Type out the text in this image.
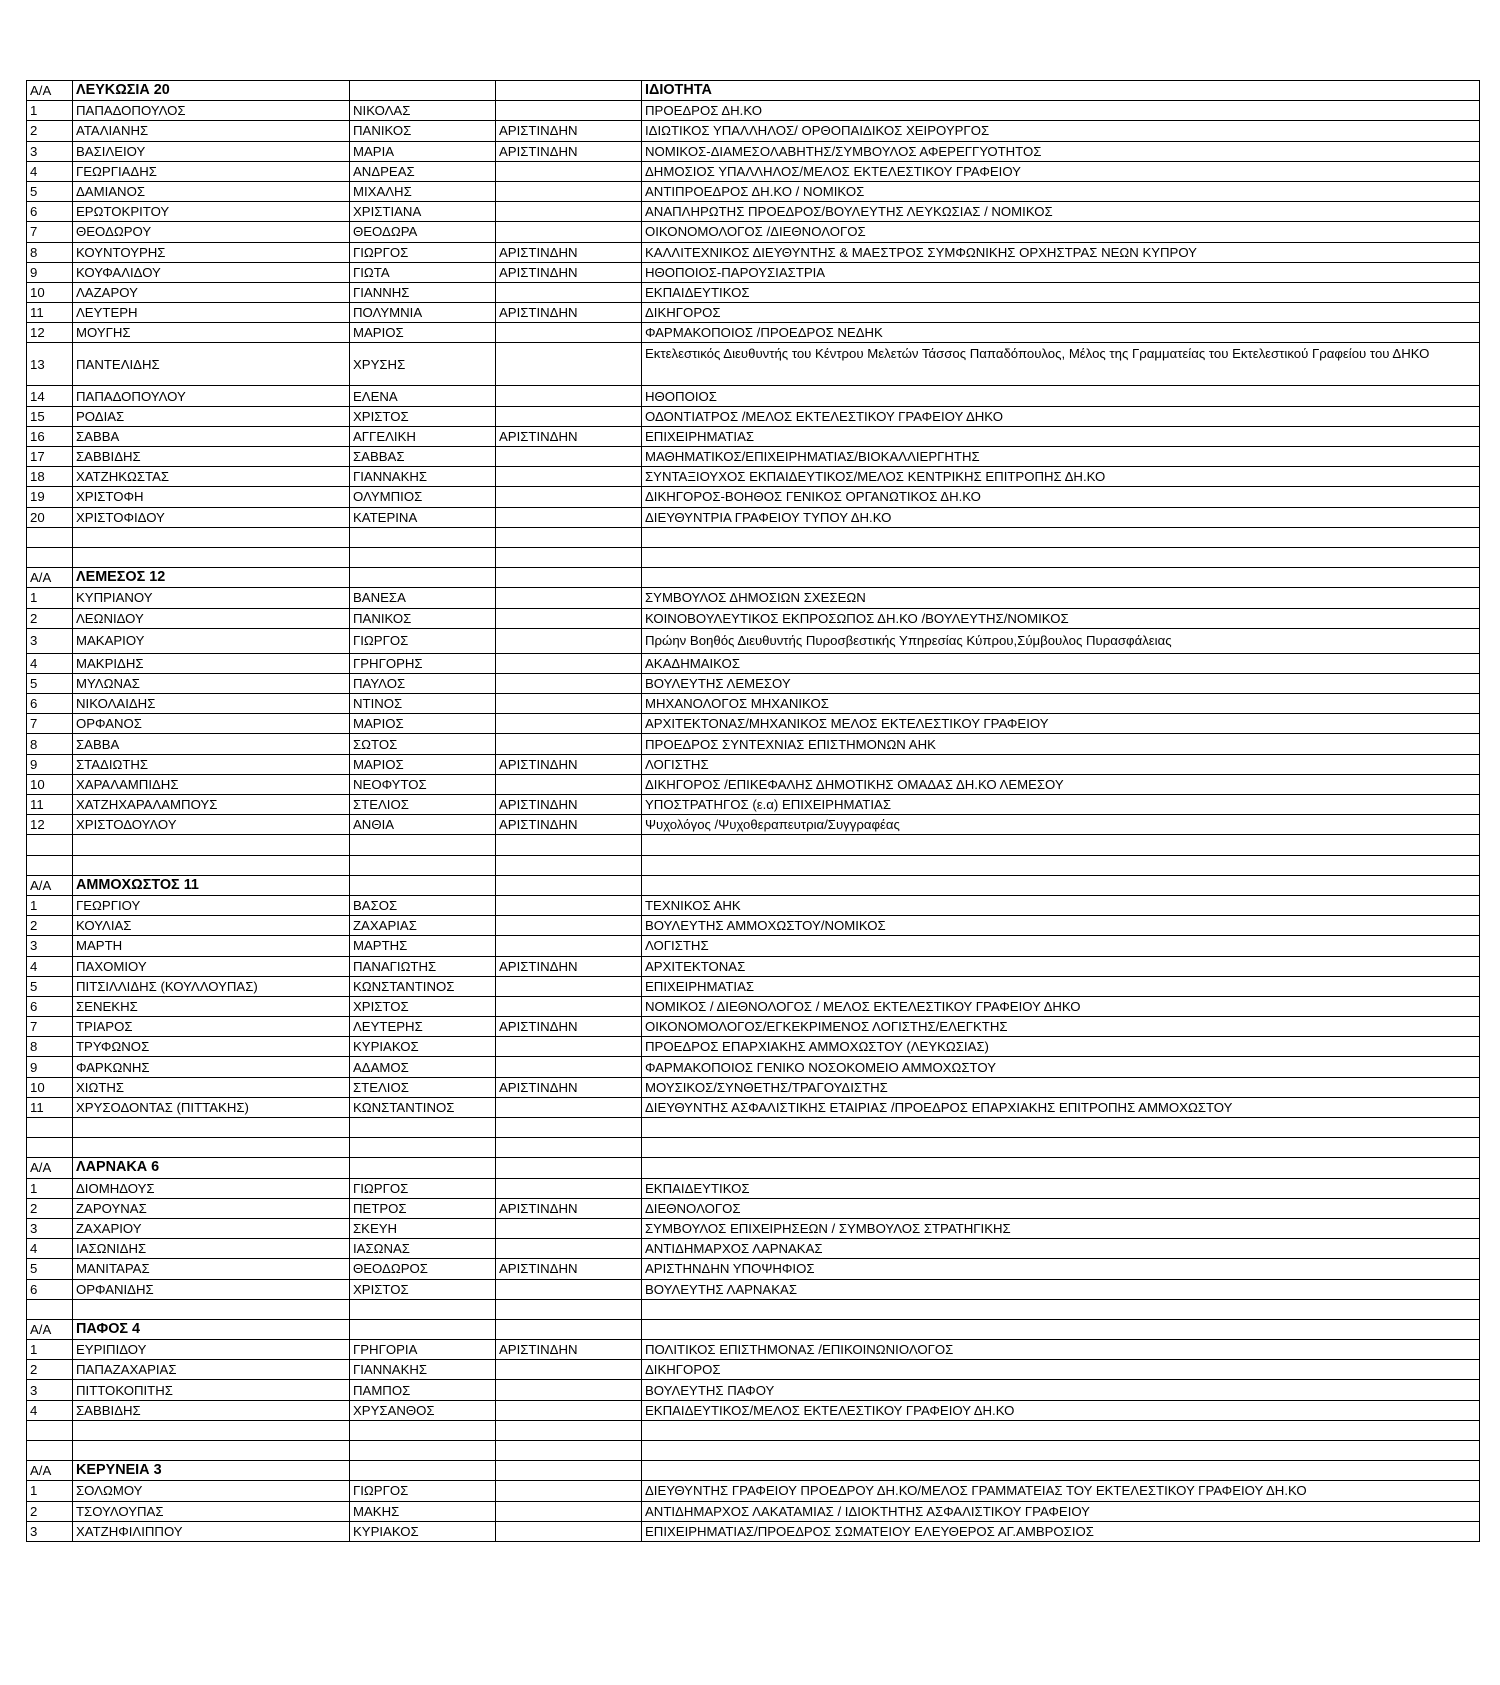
Α/Α	ΛΕΥΚΩΣΙΑ 20			ΙΔΙΟΤΗΤΑ
1	ΠΑΠΑΔΟΠΟΥΛΟΣ	ΝΙΚΟΛΑΣ		ΠΡΟΕΔΡΟΣ ΔΗ.ΚΟ
2	ΑΤΑΛΙΑΝΗΣ	ΠΑΝΙΚΟΣ	ΑΡΙΣΤΙΝΔΗΝ	ΙΔΙΩΤΙΚΟΣ ΥΠΑΛΛΗΛΟΣ/ ΟΡΘΟΠΑΙΔΙΚΟΣ ΧΕΙΡΟΥΡΓΟΣ
3	ΒΑΣΙΛΕΙΟΥ	ΜΑΡΙΑ	ΑΡΙΣΤΙΝΔΗΝ	ΝΟΜΙΚΟΣ-ΔΙΑΜΕΣΟΛΑΒΗΤΗΣ/ΣΥΜΒΟΥΛΟΣ ΑΦΕΡΕΓΓΥΟΤΗΤΟΣ
4	ΓΕΩΡΓΙΑΔΗΣ	ΑΝΔΡΕΑΣ		ΔΗΜΟΣΙΟΣ ΥΠΑΛΛΗΛΟΣ/ΜΕΛΟΣ ΕΚΤΕΛΕΣΤΙΚΟΥ ΓΡΑΦΕΙΟΥ
5	ΔΑΜΙΑΝΟΣ	ΜΙΧΑΛΗΣ		ΑΝΤΙΠΡΟΕΔΡΟΣ ΔΗ.ΚΟ / ΝΟΜΙΚΟΣ
6	ΕΡΩΤΟΚΡΙΤΟΥ	ΧΡΙΣΤΙΑΝΑ		ΑΝΑΠΛΗΡΩΤΗΣ ΠΡΟΕΔΡΟΣ/ΒΟΥΛΕΥΤΗΣ ΛΕΥΚΩΣΙΑΣ / ΝΟΜΙΚΟΣ
7	ΘΕΟΔΩΡΟΥ	ΘΕΟΔΩΡΑ		ΟΙΚΟΝΟΜΟΛΟΓΟΣ /ΔΙΕΘΝΟΛΟΓΟΣ
8	ΚΟΥΝΤΟΥΡΗΣ	ΓΙΩΡΓΟΣ	ΑΡΙΣΤΙΝΔΗΝ	ΚΑΛΛΙΤΕΧΝΙΚΟΣ ΔΙΕΥΘΥΝΤΗΣ & ΜΑΕΣΤΡΟΣ ΣΥΜΦΩΝΙΚΗΣ ΟΡΧΗΣΤΡΑΣ ΝΕΩΝ ΚΥΠΡΟΥ
9	ΚΟΥΦΑΛΙΔΟΥ	ΓΙΩΤΑ	ΑΡΙΣΤΙΝΔΗΝ	ΗΘΟΠΟΙΟΣ-ΠΑΡΟΥΣΙΑΣΤΡΙΑ
10	ΛΑΖΑΡΟΥ	ΓΙΑΝΝΗΣ		ΕΚΠΑΙΔΕΥΤΙΚΟΣ
11	ΛΕΥΤΕΡΗ	ΠΟΛΥΜΝΙΑ	ΑΡΙΣΤΙΝΔΗΝ	ΔΙΚΗΓΟΡΟΣ
12	ΜΟΥΓΗΣ	ΜΑΡΙΟΣ		ΦΑΡΜΑΚΟΠΟΙΟΣ /ΠΡΟΕΔΡΟΣ ΝΕΔΗΚ
13	ΠΑΝΤΕΛΙΔΗΣ	ΧΡΥΣΗΣ		Εκτελεστικός Διευθυντής του Κέντρου Μελετών Τάσσος Παπαδόπουλος, Μέλος της Γραμματείας του Εκτελεστικού Γραφείου του ΔΗΚΟ
14	ΠΑΠΑΔΟΠΟΥΛΟΥ	ΕΛΕΝΑ		ΗΘΟΠΟΙΟΣ
15	ΡΟΔΙΑΣ	ΧΡΙΣΤΟΣ		ΟΔΟΝΤΙΑΤΡΟΣ /ΜΕΛΟΣ ΕΚΤΕΛΕΣΤΙΚΟΥ ΓΡΑΦΕΙΟΥ ΔΗΚΟ
16	ΣΑΒΒΑ	ΑΓΓΕΛΙΚΗ	ΑΡΙΣΤΙΝΔΗΝ	ΕΠΙΧΕΙΡΗΜΑΤΙΑΣ
17	ΣΑΒΒΙΔΗΣ	ΣΑΒΒΑΣ		ΜΑΘΗΜΑΤΙΚΟΣ/ΕΠΙΧΕΙΡΗΜΑΤΙΑΣ/ΒΙΟΚΑΛΛΙΕΡΓΗΤΗΣ
18	ΧΑΤΖΗΚΩΣΤΑΣ	ΓΙΑΝΝΑΚΗΣ		ΣΥΝΤΑΞΙΟΥΧΟΣ ΕΚΠΑΙΔΕΥΤΙΚΟΣ/ΜΕΛΟΣ ΚΕΝΤΡΙΚΗΣ ΕΠΙΤΡΟΠΗΣ ΔΗ.ΚΟ
19	ΧΡΙΣΤΟΦΗ	ΟΛΥΜΠΙΟΣ		ΔΙΚΗΓΟΡΟΣ-ΒΟΗΘΟΣ ΓΕΝΙΚΟΣ ΟΡΓΑΝΩΤΙΚΟΣ ΔΗ.ΚΟ
20	ΧΡΙΣΤΟΦΙΔΟΥ	ΚΑΤΕΡΙΝΑ		ΔΙΕΥΘΥΝΤΡΙΑ ΓΡΑΦΕΙΟΥ ΤΥΠΟΥ ΔΗ.ΚΟ

Α/Α	ΛΕΜΕΣΟΣ 12			
1	ΚΥΠΡΙΑΝΟΥ	ΒΑΝΕΣΑ		ΣΥΜΒΟΥΛΟΣ ΔΗΜΟΣΙΩΝ ΣΧΕΣΕΩΝ
2	ΛΕΩΝΙΔΟΥ	ΠΑΝΙΚΟΣ		ΚΟΙΝΟΒΟΥΛΕΥΤΙΚΟΣ ΕΚΠΡΟΣΩΠΟΣ ΔΗ.ΚΟ /ΒΟΥΛΕΥΤΗΣ/ΝΟΜΙΚΟΣ
3	ΜΑΚΑΡΙΟΥ	ΓΙΩΡΓΟΣ		Πρώην Βοηθός Διευθυντής Πυροσβεστικής Υπηρεσίας Κύπρου,Σύμβουλος Πυρασφάλειας
4	ΜΑΚΡΙΔΗΣ	ΓΡΗΓΟΡΗΣ		ΑΚΑΔΗΜΑΙΚΟΣ
5	ΜΥΛΩΝΑΣ	ΠΑΥΛΟΣ		ΒΟΥΛΕΥΤΗΣ ΛΕΜΕΣΟΥ
6	ΝΙΚΟΛΑΙΔΗΣ	ΝΤΙΝΟΣ		ΜΗΧΑΝΟΛΟΓΟΣ ΜΗΧΑΝΙΚΟΣ
7	ΟΡΦΑΝΟΣ	ΜΑΡΙΟΣ		ΑΡΧΙΤΕΚΤΟΝΑΣ/ΜΗΧΑΝΙΚΟΣ ΜΕΛΟΣ ΕΚΤΕΛΕΣΤΙΚΟΥ ΓΡΑΦΕΙΟΥ
8	ΣΑΒΒΑ	ΣΩΤΟΣ		ΠΡΟΕΔΡΟΣ ΣΥΝΤΕΧΝΙΑΣ ΕΠΙΣΤΗΜΟΝΩΝ ΑΗΚ
9	ΣΤΑΔΙΩΤΗΣ	ΜΑΡΙΟΣ	ΑΡΙΣΤΙΝΔΗΝ	ΛΟΓΙΣΤΗΣ
10	ΧΑΡΑΛΑΜΠΙΔΗΣ	ΝΕΟΦΥΤΟΣ		ΔΙΚΗΓΟΡΟΣ /ΕΠΙΚΕΦΑΛΗΣ ΔΗΜΟΤΙΚΗΣ ΟΜΑΔΑΣ ΔΗ.ΚΟ ΛΕΜΕΣΟΥ
11	ΧΑΤΖΗΧΑΡΑΛΑΜΠΟΥΣ	ΣΤΕΛΙΟΣ	ΑΡΙΣΤΙΝΔΗΝ	ΥΠΟΣΤΡΑΤΗΓΟΣ (ε.α) ΕΠΙΧΕΙΡΗΜΑΤΙΑΣ
12	ΧΡΙΣΤΟΔΟΥΛΟΥ	ΑΝΘΙΑ	ΑΡΙΣΤΙΝΔΗΝ	Ψυχολόγος /Ψυχοθεραπευτρια/Συγγραφέας

Α/Α	ΑΜΜΟΧΩΣΤΟΣ 11			
1	ΓΕΩΡΓΙΟΥ	ΒΑΣΟΣ		ΤΕΧΝΙΚΟΣ ΑΗΚ
2	ΚΟΥΛΙΑΣ	ΖΑΧΑΡΙΑΣ		ΒΟΥΛΕΥΤΗΣ ΑΜΜΟΧΩΣΤΟΥ/ΝΟΜΙΚΟΣ
3	ΜΑΡΤΗ	ΜΑΡΤΗΣ		ΛΟΓΙΣΤΗΣ
4	ΠΑΧΟΜΙΟΥ	ΠΑΝΑΓΙΩΤΗΣ	ΑΡΙΣΤΙΝΔΗΝ	ΑΡΧΙΤΕΚΤΟΝΑΣ
5	ΠΙΤΣΙΛΛΙΔΗΣ (ΚΟΥΛΛΟΥΠΑΣ)	ΚΩΝΣΤΑΝΤΙΝΟΣ		ΕΠΙΧΕΙΡΗΜΑΤΙΑΣ
6	ΣΕΝΕΚΗΣ	ΧΡΙΣΤΟΣ		ΝΟΜΙΚΟΣ / ΔΙΕΘΝΟΛΟΓΟΣ / ΜΕΛΟΣ ΕΚΤΕΛΕΣΤΙΚΟΥ ΓΡΑΦΕΙΟΥ ΔΗΚΟ
7	ΤΡΙΑΡΟΣ	ΛΕΥΤΕΡΗΣ	ΑΡΙΣΤΙΝΔΗΝ	ΟΙΚΟΝΟΜΟΛΟΓΟΣ/ΕΓΚΕΚΡΙΜΕΝΟΣ ΛΟΓΙΣΤΗΣ/ΕΛΕΓΚΤΗΣ
8	ΤΡΥΦΩΝΟΣ	ΚΥΡΙΑΚΟΣ		ΠΡΟΕΔΡΟΣ ΕΠΑΡΧΙΑΚΗΣ ΑΜΜΟΧΩΣΤΟΥ (ΛΕΥΚΩΣΙΑΣ)
9	ΦΑΡΚΩΝΗΣ	ΑΔΑΜΟΣ		ΦΑΡΜΑΚΟΠΟΙΟΣ ΓΕΝΙΚΟ ΝΟΣΟΚΟΜΕΙΟ ΑΜΜΟΧΩΣΤΟΥ
10	ΧΙΩΤΗΣ	ΣΤΕΛΙΟΣ	ΑΡΙΣΤΙΝΔΗΝ	ΜΟΥΣΙΚΟΣ/ΣΥΝΘΕΤΗΣ/ΤΡΑΓΟΥΔΙΣΤΗΣ
11	ΧΡΥΣΟΔΟΝΤΑΣ (ΠΙΤΤΑΚΗΣ)	ΚΩΝΣΤΑΝΤΙΝΟΣ		ΔΙΕΥΘΥΝΤΗΣ ΑΣΦΑΛΙΣΤΙΚΗΣ ΕΤΑΙΡΙΑΣ /ΠΡΟΕΔΡΟΣ ΕΠΑΡΧΙΑΚΗΣ ΕΠΙΤΡΟΠΗΣ ΑΜΜΟΧΩΣΤΟΥ

Α/Α	ΛΑΡΝΑΚΑ 6			
1	ΔΙΟΜΗΔΟΥΣ	ΓΙΩΡΓΟΣ		ΕΚΠΑΙΔΕΥΤΙΚΟΣ
2	ΖΑΡΟΥΝΑΣ	ΠΕΤΡΟΣ	ΑΡΙΣΤΙΝΔΗΝ	ΔΙΕΘΝΟΛΟΓΟΣ
3	ΖΑΧΑΡΙΟΥ	ΣΚΕΥΗ		ΣΥΜΒΟΥΛΟΣ ΕΠΙΧΕΙΡΗΣΕΩΝ / ΣΥΜΒΟΥΛΟΣ ΣΤΡΑΤΗΓΙΚΗΣ
4	ΙΑΣΩΝΙΔΗΣ	ΙΑΣΩΝΑΣ		ΑΝΤΙΔΗΜΑΡΧΟΣ ΛΑΡΝΑΚΑΣ
5	ΜΑΝΙΤΑΡΑΣ	ΘΕΟΔΩΡΟΣ	ΑΡΙΣΤΙΝΔΗΝ	ΑΡΙΣΤΗΝΔΗΝ ΥΠΟΨΗΦΙΟΣ
6	ΟΡΦΑΝΙΔΗΣ	ΧΡΙΣΤΟΣ		ΒΟΥΛΕΥΤΗΣ ΛΑΡΝΑΚΑΣ

Α/Α	ΠΑΦΟΣ 4			
1	ΕΥΡΙΠΙΔΟΥ	ΓΡΗΓΟΡΙΑ	ΑΡΙΣΤΙΝΔΗΝ	ΠΟΛΙΤΙΚΟΣ ΕΠΙΣΤΗΜΟΝΑΣ /ΕΠΙΚΟΙΝΩΝΙΟΛΟΓΟΣ
2	ΠΑΠΑΖΑΧΑΡΙΑΣ	ΓΙΑΝΝΑΚΗΣ		ΔΙΚΗΓΟΡΟΣ
3	ΠΙΤΤΟΚΟΠΙΤΗΣ	ΠΑΜΠΟΣ		ΒΟΥΛΕΥΤΗΣ ΠΑΦΟΥ
4	ΣΑΒΒΙΔΗΣ	ΧΡΥΣΑΝΘΟΣ		ΕΚΠΑΙΔΕΥΤΙΚΟΣ/ΜΕΛΟΣ ΕΚΤΕΛΕΣΤΙΚΟΥ ΓΡΑΦΕΙΟΥ ΔΗ.ΚΟ

Α/Α	ΚΕΡΥΝΕΙΑ 3			
1	ΣΟΛΩΜΟΥ	ΓΙΩΡΓΟΣ		ΔΙΕΥΘΥΝΤΗΣ ΓΡΑΦΕΙΟΥ ΠΡΟΕΔΡΟΥ ΔΗ.ΚΟ/ΜΕΛΟΣ ΓΡΑΜΜΑΤΕΙΑΣ ΤΟΥ ΕΚΤΕΛΕΣΤΙΚΟΥ ΓΡΑΦΕΙΟΥ ΔΗ.ΚΟ
2	ΤΣΟΥΛΟΥΠΑΣ	ΜΑΚΗΣ		ΑΝΤΙΔΗΜΑΡΧΟΣ ΛΑΚΑΤΑΜΙΑΣ / ΙΔΙΟΚΤΗΤΗΣ ΑΣΦΑΛΙΣΤΙΚΟΥ ΓΡΑΦΕΙΟΥ
3	ΧΑΤΖΗΦΙΛΙΠΠΟΥ	ΚΥΡΙΑΚΟΣ		ΕΠΙΧΕΙΡΗΜΑΤΙΑΣ/ΠΡΟΕΔΡΟΣ ΣΩΜΑΤΕΙΟΥ ΕΛΕΥΘΕΡΟΣ ΑΓ.ΑΜΒΡΟΣΙΟΣ
